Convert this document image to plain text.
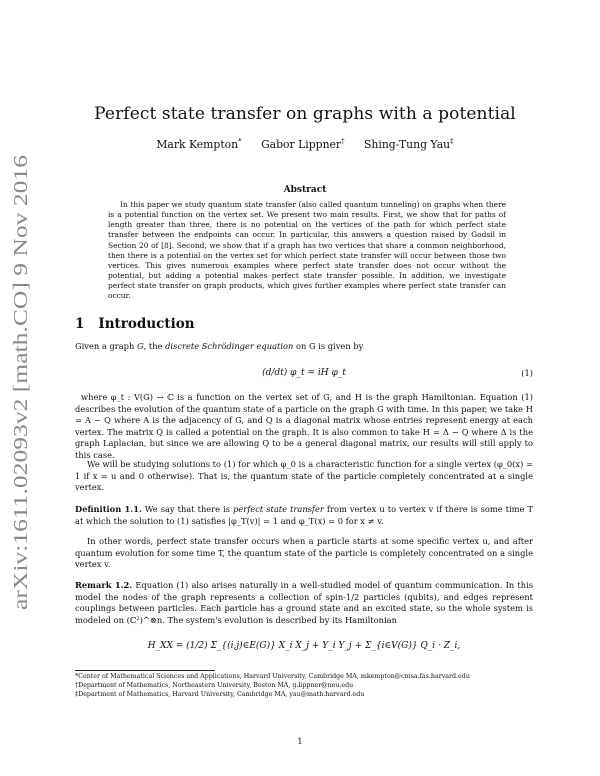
arXiv:1611.02093v2 [math.CO] 9 Nov 2016
Perfect state transfer on graphs with a potential
Mark Kempton* Gabor Lippner† Shing-Tung Yau‡
Abstract

In this paper we study quantum state transfer (also called quantum tunneling) on graphs when there is a potential function on the vertex set. We present two main results. First, we show that for paths of length greater than three, there is no potential on the vertices of the path for which perfect state transfer between the endpoints can occur. In particular, this answers a question raised by Godsil in Section 20 of [8]. Second, we show that if a graph has two vertices that share a common neighborhood, then there is a potential on the vertex set for which perfect state transfer will occur between those two vertices. This gives numerous examples where perfect state transfer does not occur without the potential, but adding a potential makes perfect state transfer possible. In addition, we investigate perfect state transfer on graph products, which gives further examples where perfect state transfer can occur.

1 Introduction

Given a graph G, the discrete Schrödinger equation on G is given by

(d/dt) φ_t = iH φ_t	(1)

where φ_t : V(G) → ℂ is a function on the vertex set of G, and H is the graph Hamiltonian. Equation (1) describes the evolution of the quantum state of a particle on the graph G with time. In this paper, we take H = A − Q where A is the adjacency of G, and Q is a diagonal matrix whose entries represent energy at each vertex. The matrix Q is called a potential on the graph. It is also common to take H = Δ − Q where Δ is the graph Laplacian, but since we are allowing Q to be a general diagonal matrix, our results will still apply to this case.

We will be studying solutions to (1) for which φ_0 is a characteristic function for a single vertex (φ_0(x) = 1 if x = u and 0 otherwise). That is, the quantum state of the particle completely concentrated at a single vertex.

Definition 1.1. We say that there is perfect state transfer from vertex u to vertex v if there is some time T at which the solution to (1) satisfies |φ_T(v)| = 1 and φ_T(x) = 0 for x ≠ v.

In other words, perfect state transfer occurs when a particle starts at some specific vertex u, and after quantum evolution for some time T, the quantum state of the particle is completely concentrated on a single vertex v.

Remark 1.2. Equation (1) also arises naturally in a well-studied model of quantum communication. In this model the nodes of the graph represents a collection of spin-1/2 particles (qubits), and edges represent couplings between particles. Each particle has a ground state and an excited state, so the whole system is modeled on (ℂ²)^⊗n. The system's evolution is described by its Hamiltonian

H_XX = (1/2) Σ_{(i,j)∈E(G)} X_i X_j + Y_i Y_j + Σ_{i∈V(G)} Q_i · Z_i,
*Center of Mathematical Sciences and Applications, Harvard University, Cambridge MA, mkempton@cmsa.fas.harvard.edu
†Department of Mathematics, Northeastern University, Boston MA, g.lippner@neu.edu
‡Department of Mathematics, Harvard University, Cambridge MA, yau@math.harvard.edu
1
